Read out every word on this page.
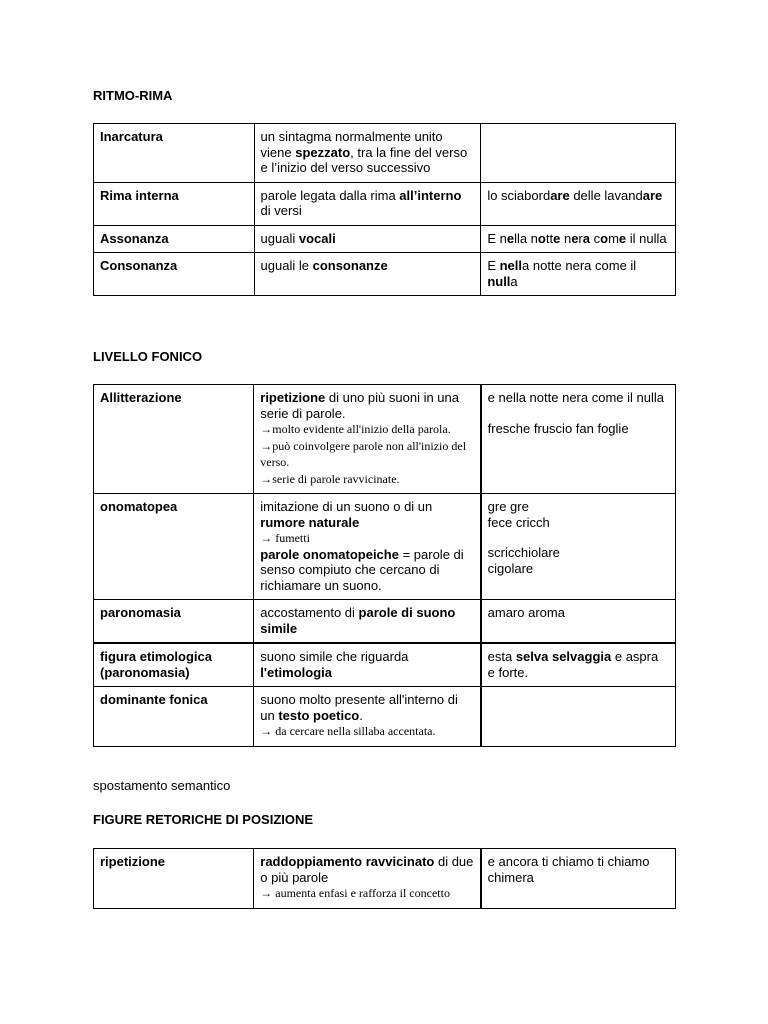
RITMO-RIMA

Inarcatura	un sintagma normalmente unito viene spezzato, tra la fine del verso e l’inizio del verso successivo	
Rima interna	parole legata dalla rima all’interno di versi	lo sciabordare delle lavandare
Assonanza	uguali vocali	E nella notte nera come il nulla
Consonanza	uguali le consonanze	E nella notte nera come il nulla

LIVELLO FONICO

Allitterazione	ripetizione di uno più suoni in una serie di parole.
→molto evidente all'inizio della parola.
→può coinvolgere parole non all'inizio del verso.
→serie di parole ravvicinate.	e nella notte nera come il nulla
fresche fruscio fan foglie
onomatopea	imitazione di un suono o di un rumore naturale
→ fumetti
parole onomatopeiche = parole di senso compiuto che cercano di richiamare un suono.	gre gre
fece cricch
scricchiolare
cigolare
paronomasia	accostamento di parole di suono simile	amaro aroma
figura etimologica (paronomasia)	suono simile che riguarda l'etimologia	esta selva selvaggia e aspra e forte.
dominante fonica	suono molto presente all'interno di un testo poetico.
→ da cercare nella sillaba accentata.	

spostamento semantico

FIGURE RETORICHE DI POSIZIONE

ripetizione	raddoppiamento ravvicinato di due o più parole
→ aumenta enfasi e rafforza il concetto	e ancora ti chiamo ti chiamo chimera
